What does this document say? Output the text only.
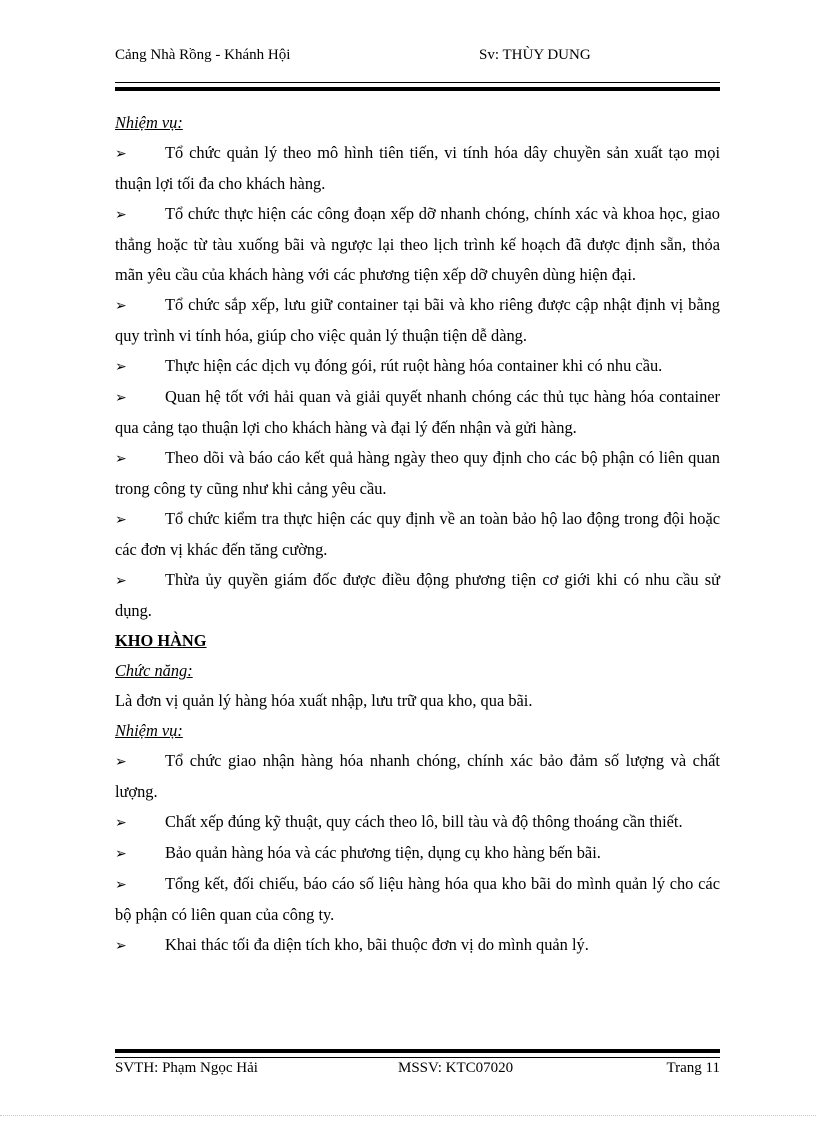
Cảng Nhà Rồng - Khánh Hội	Sv: THÙY DUNG

Nhiệm vụ:

➢ Tổ chức quản lý theo mô hình tiên tiến, vi tính hóa dây chuyền sản xuất tạo mọi thuận lợi tối đa cho khách hàng.

➢ Tổ chức thực hiện các công đoạn xếp dỡ nhanh chóng, chính xác và khoa học, giao thẳng hoặc từ tàu xuống bãi và ngược lại theo lịch trình kế hoạch đã được định sẵn, thỏa mãn yêu cầu của khách hàng với các phương tiện xếp dỡ chuyên dùng hiện đại.

➢ Tổ chức sắp xếp, lưu giữ container tại bãi và kho riêng được cập nhật định vị bằng quy trình vi tính hóa, giúp cho việc quản lý thuận tiện dễ dàng.

➢ Thực hiện các dịch vụ đóng gói, rút ruột hàng hóa container khi có nhu cầu.

➢ Quan hệ tốt với hải quan và giải quyết nhanh chóng các thủ tục hàng hóa container qua cảng tạo thuận lợi cho khách hàng và đại lý đến nhận và gửi hàng.

➢ Theo dõi và báo cáo kết quả hàng ngày theo quy định cho các bộ phận có liên quan trong công ty cũng như khi cảng yêu cầu.

➢ Tổ chức kiểm tra thực hiện các quy định về an toàn bảo hộ lao động trong đội hoặc các đơn vị khác đến tăng cường.

➢ Thừa ủy quyền giám đốc được điều động phương tiện cơ giới khi có nhu cầu sử dụng.

KHO HÀNG

Chức năng:

Là đơn vị quản lý hàng hóa xuất nhập, lưu trữ qua kho, qua bãi.

Nhiệm vụ:

➢ Tổ chức giao nhận hàng hóa nhanh chóng, chính xác bảo đảm số lượng và chất lượng.

➢ Chất xếp đúng kỹ thuật, quy cách theo lô, bill tàu và độ thông thoáng cần thiết.

➢ Bảo quản hàng hóa và các phương tiện, dụng cụ kho hàng bến bãi.

➢ Tổng kết, đối chiếu, báo cáo số liệu hàng hóa qua kho bãi do mình quản lý cho các bộ phận có liên quan của công ty.

➢ Khai thác tối đa diện tích kho, bãi thuộc đơn vị do mình quản lý.

SVTH: Phạm Ngọc Hải	MSSV: KTC07020	Trang 11
